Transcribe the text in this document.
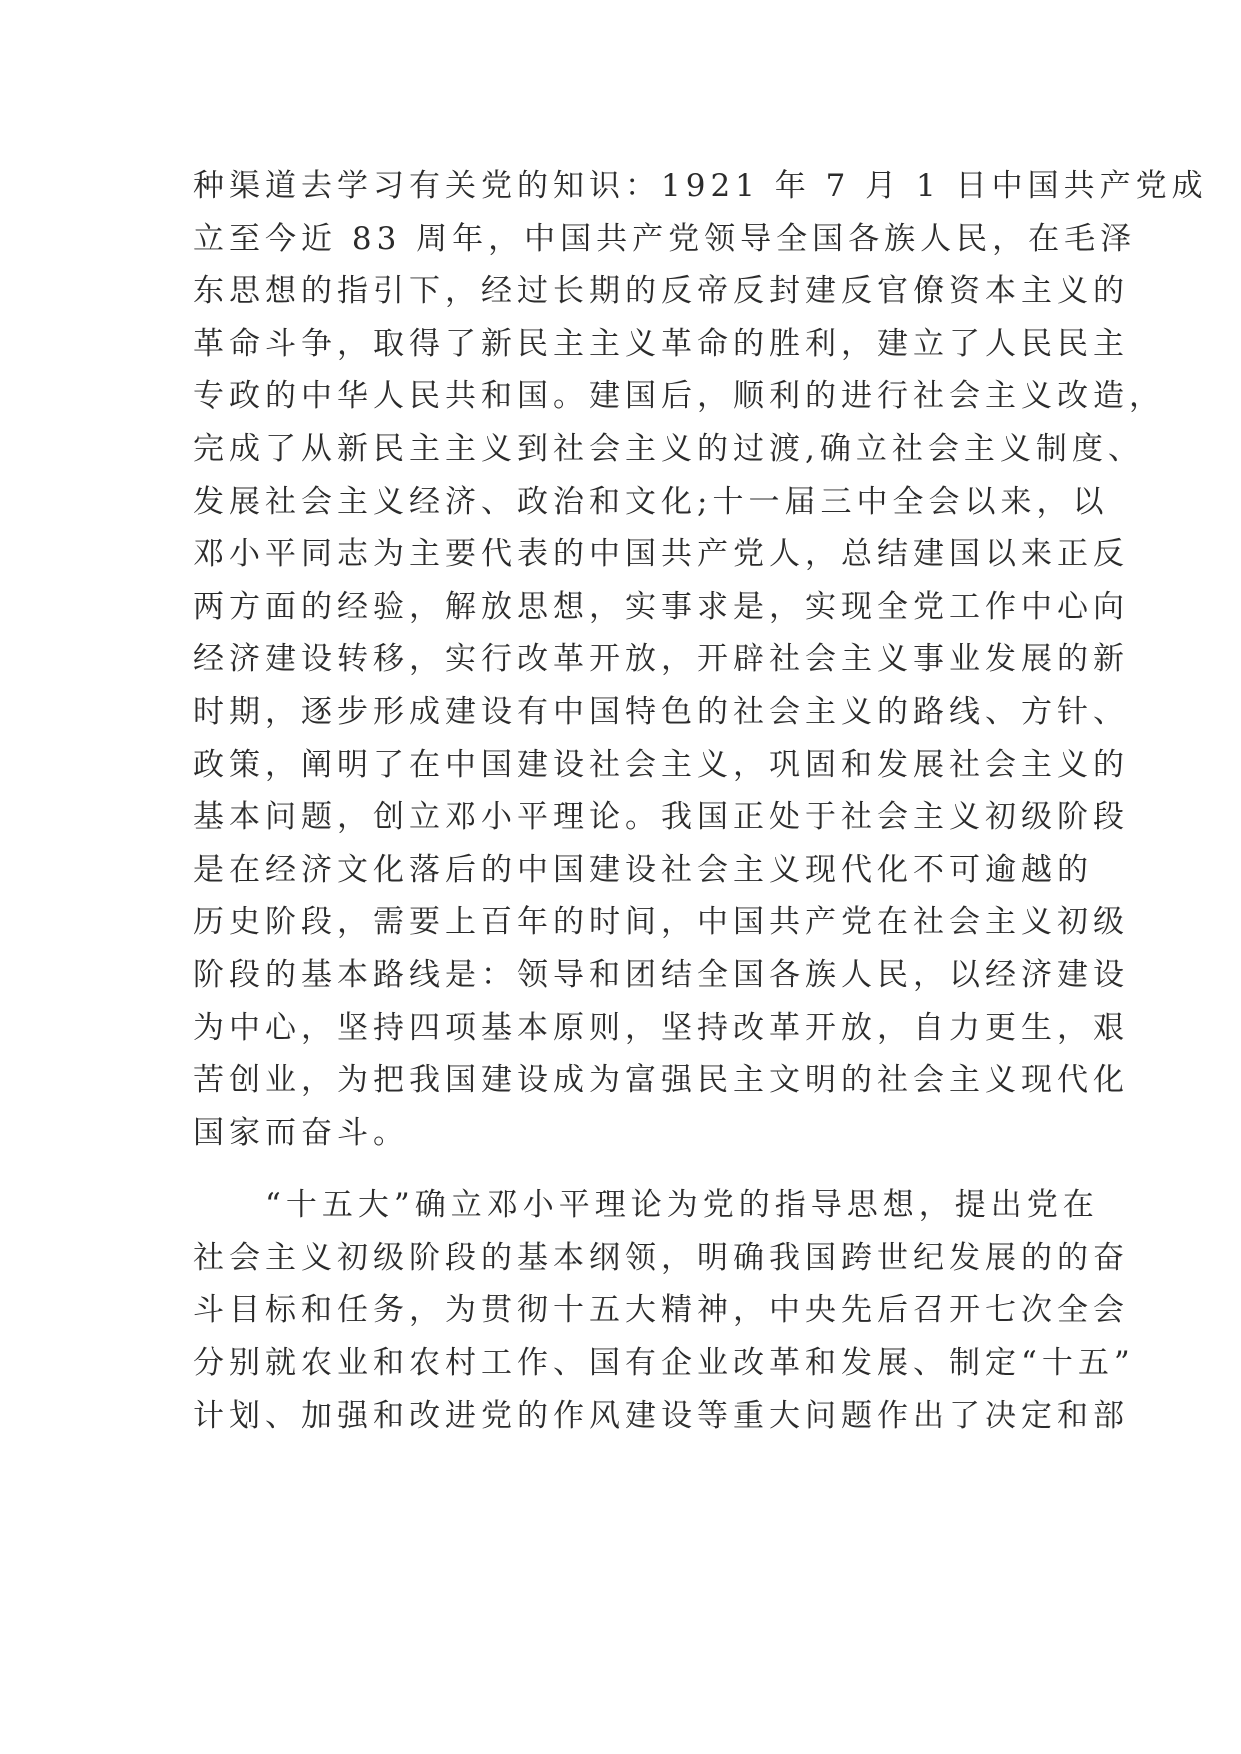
种渠道去学习有关党的知识：1921 年 7 月 1 日中国共产党成

立至今近 83 周年，中国共产党领导全国各族人民，在毛泽

东思想的指引下，经过长期的反帝反封建反官僚资本主义的

革命斗争，取得了新民主主义革命的胜利，建立了人民民主

专政的中华人民共和国。建国后，顺利的进行社会主义改造，

完成了从新民主主义到社会主义的过渡,确立社会主义制度、

发展社会主义经济、政治和文化;十一届三中全会以来，以

邓小平同志为主要代表的中国共产党人，总结建国以来正反

两方面的经验，解放思想，实事求是，实现全党工作中心向

经济建设转移，实行改革开放，开辟社会主义事业发展的新

时期，逐步形成建设有中国特色的社会主义的路线、方针、

政策，阐明了在中国建设社会主义，巩固和发展社会主义的

基本问题，创立邓小平理论。我国正处于社会主义初级阶段

是在经济文化落后的中国建设社会主义现代化不可逾越的

历史阶段，需要上百年的时间，中国共产党在社会主义初级

阶段的基本路线是：领导和团结全国各族人民，以经济建设

为中心，坚持四项基本原则，坚持改革开放，自力更生，艰

苦创业，为把我国建设成为富强民主文明的社会主义现代化

国家而奋斗。

　　“十五大”确立邓小平理论为党的指导思想，提出党在

社会主义初级阶段的基本纲领，明确我国跨世纪发展的的奋

斗目标和任务，为贯彻十五大精神，中央先后召开七次全会

分别就农业和农村工作、国有企业改革和发展、制定“十五”

计划、加强和改进党的作风建设等重大问题作出了决定和部
